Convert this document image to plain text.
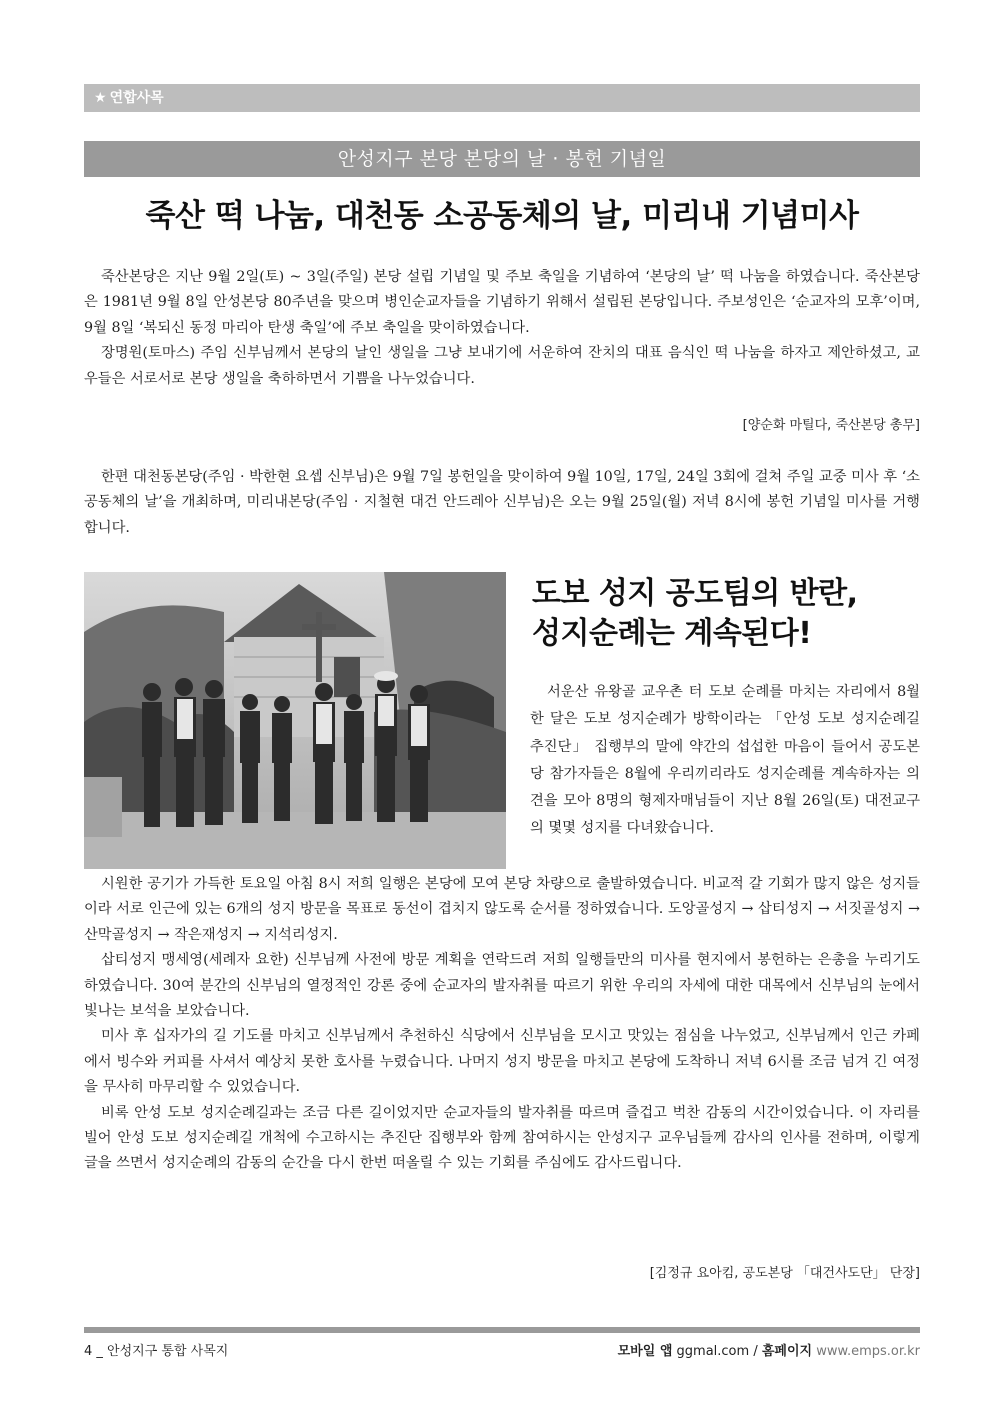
★ 연합사목
안성지구 본당 본당의 날 · 봉헌 기념일
죽산 떡 나눔, 대천동 소공동체의 날, 미리내 기념미사

죽산본당은 지난 9월 2일(토) ~ 3일(주일) 본당 설립 기념일 및 주보 축일을 기념하여 ‘본당의 날’ 떡 나눔을 하였습니다. 죽산본당은 1981년 9월 8일 안성본당 80주년을 맞으며 병인순교자들을 기념하기 위해서 설립된 본당입니다. 주보성인은 ‘순교자의 모후’이며, 9월 8일 ‘복되신 동정 마리아 탄생 축일’에 주보 축일을 맞이하였습니다.

장명원(토마스) 주임 신부님께서 본당의 날인 생일을 그냥 보내기에 서운하여 잔치의 대표 음식인 떡 나눔을 하자고 제안하셨고, 교우들은 서로서로 본당 생일을 축하하면서 기쁨을 나누었습니다.

[양순화 마틸다, 죽산본당 총무]

한편 대천동본당(주임 · 박한현 요셉 신부님)은 9월 7일 봉헌일을 맞이하여 9월 10일, 17일, 24일 3회에 걸쳐 주일 교중 미사 후 ‘소공동체의 날’을 개최하며, 미리내본당(주임 · 지철현 대건 안드레아 신부님)은 오는 9월 25일(월) 저녁 8시에 봉헌 기념일 미사를 거행합니다.

도보 성지 공도팀의 반란,
성지순례는 계속된다!

서운산 유왕골 교우촌 터 도보 순례를 마치는 자리에서 8월 한 달은 도보 성지순례가 방학이라는 「안성 도보 성지순례길 추진단」 집행부의 말에 약간의 섭섭한 마음이 들어서 공도본당 참가자들은 8월에 우리끼리라도 성지순례를 계속하자는 의견을 모아 8명의 형제자매님들이 지난 8월 26일(토) 대전교구의 몇몇 성지를 다녀왔습니다.

시원한 공기가 가득한 토요일 아침 8시 저희 일행은 본당에 모여 본당 차량으로 출발하였습니다. 비교적 갈 기회가 많지 않은 성지들이라 서로 인근에 있는 6개의 성지 방문을 목표로 동선이 겹치지 않도록 순서를 정하였습니다. 도앙골성지 → 삽티성지 → 서짓골성지 → 산막골성지 → 작은재성지 → 지석리성지.

삽티성지 맹세영(세례자 요한) 신부님께 사전에 방문 계획을 연락드려 저희 일행들만의 미사를 현지에서 봉헌하는 은총을 누리기도 하였습니다. 30여 분간의 신부님의 열정적인 강론 중에 순교자의 발자취를 따르기 위한 우리의 자세에 대한 대목에서 신부님의 눈에서 빛나는 보석을 보았습니다.

미사 후 십자가의 길 기도를 마치고 신부님께서 추천하신 식당에서 신부님을 모시고 맛있는 점심을 나누었고, 신부님께서 인근 카페에서 빙수와 커피를 사셔서 예상치 못한 호사를 누렸습니다. 나머지 성지 방문을 마치고 본당에 도착하니 저녁 6시를 조금 넘겨 긴 여정을 무사히 마무리할 수 있었습니다.

비록 안성 도보 성지순례길과는 조금 다른 길이었지만 순교자들의 발자취를 따르며 즐겁고 벅찬 감동의 시간이었습니다. 이 자리를 빌어 안성 도보 성지순례길 개척에 수고하시는 추진단 집행부와 함께 참여하시는 안성지구 교우님들께 감사의 인사를 전하며, 이렇게 글을 쓰면서 성지순례의 감동의 순간을 다시 한번 떠올릴 수 있는 기회를 주심에도 감사드립니다.

[김정규 요아킴, 공도본당 「대건사도단」 단장]
4 _ 안성지구 통합 사목지	모바일 앱 ggmal.com / 홈페이지 www.emps.or.kr
